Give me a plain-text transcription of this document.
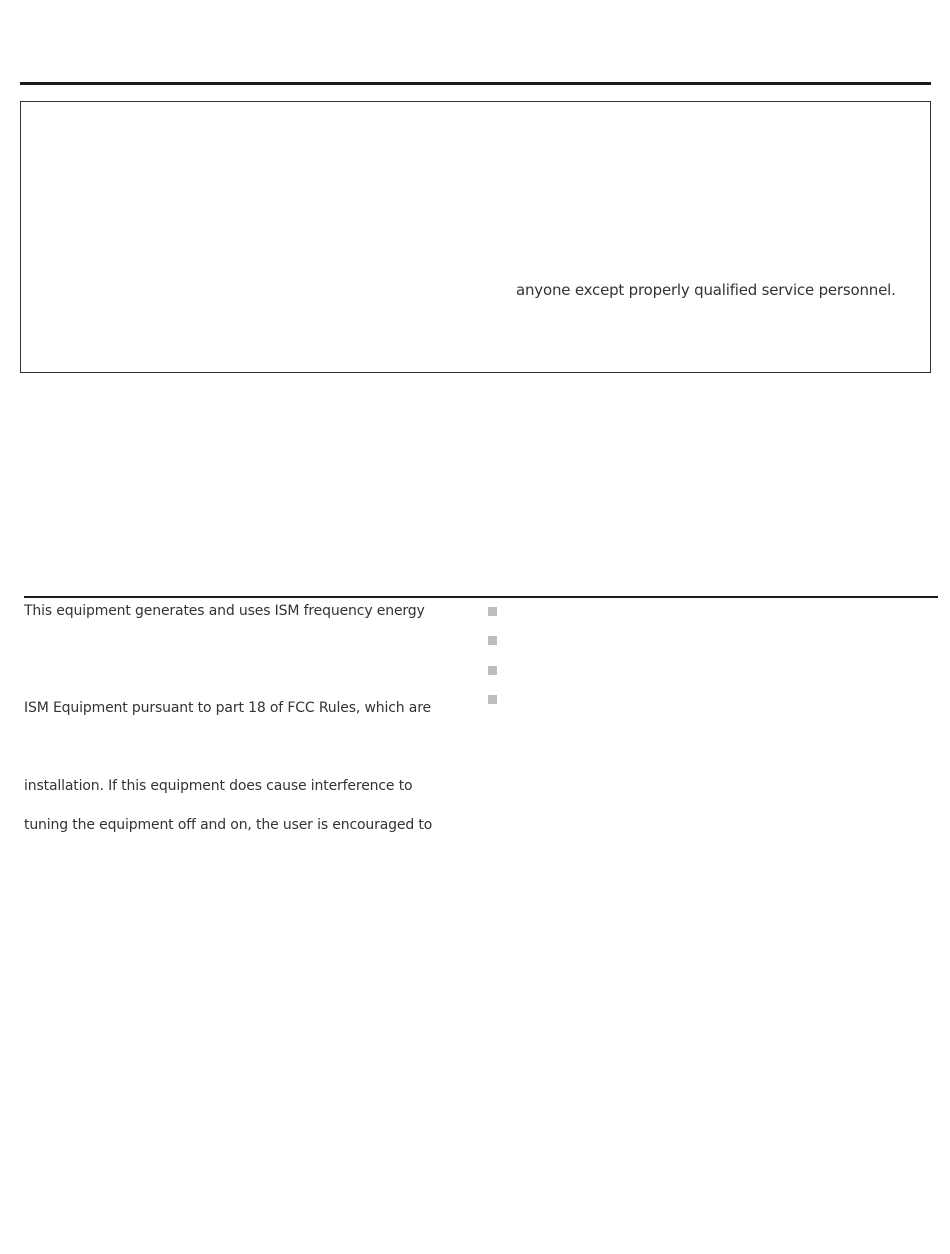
anyone except properly qualified service personnel.
This equipment generates and uses ISM frequency energy
ISM Equipment pursuant to part 18 of FCC Rules, which are
installation. If this equipment does cause interference to
tuning the equipment off and on, the user is encouraged to
